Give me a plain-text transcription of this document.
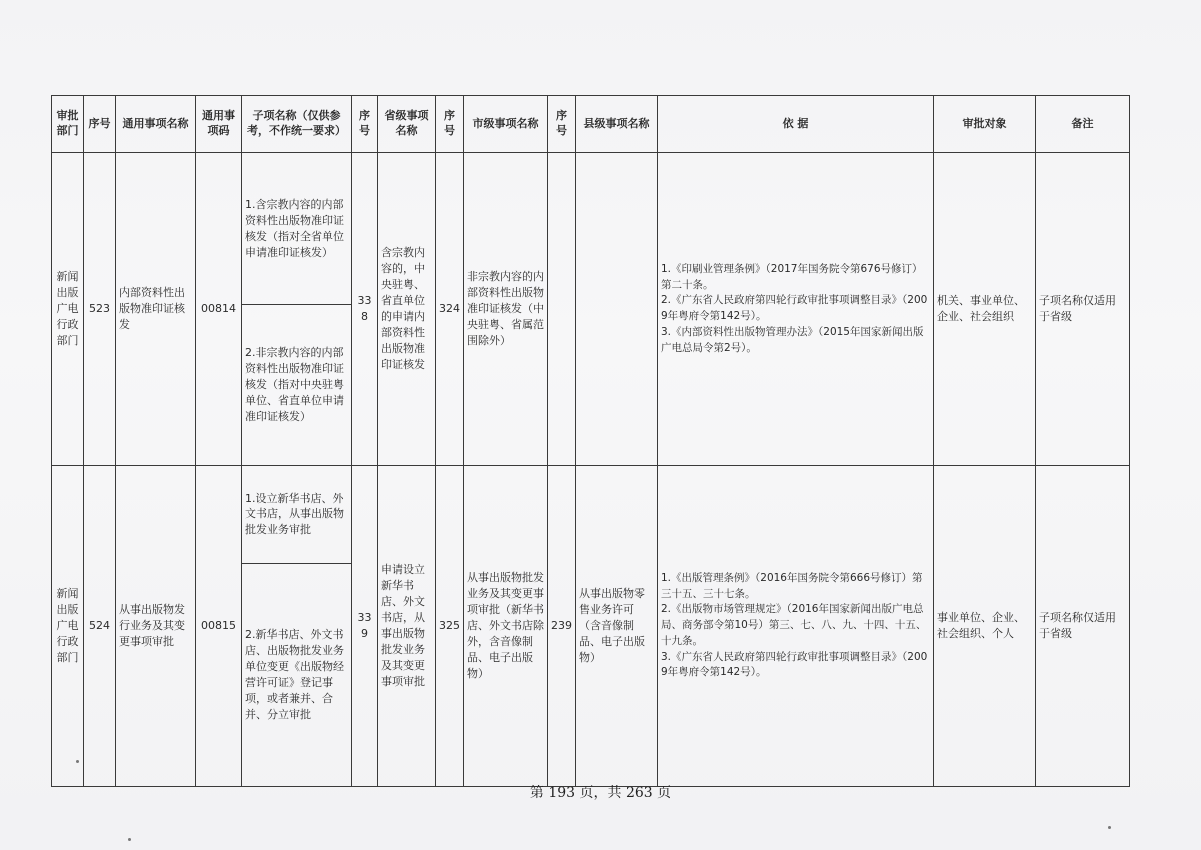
审批部门	序号	通用事项名称	通用事项码	子项名称（仅供参考，不作统一要求）	序号	省级事项名称	序号	市级事项名称	序号	县级事项名称	依 据	审批对象	备注
新闻出版广电行政部门	523	内部资料性出版物准印证核发	00814	1.含宗教内容的内部资料性出版物准印证核发（指对全省单位申请准印证核发）	338	含宗教内容的，中央驻粤、省直单位的申请内部资料性出版物准印证核发	324	非宗教内容的内部资料性出版物准印证核发（中央驻粤、省属范围除外）			1.《印刷业管理条例》（2017年国务院令第676号修订）第二十条。
2.《广东省人民政府第四轮行政审批事项调整目录》（2009年粤府令第142号）。
3.《内部资料性出版物管理办法》（2015年国家新闻出版广电总局令第2号）。	机关、事业单位、企业、社会组织	子项名称仅适用于省级
				2.非宗教内容的内部资料性出版物准印证核发（指对中央驻粤单位、省直单位申请准印证核发）									
新闻出版广电行政部门	524	从事出版物发行业务及其变更事项审批	00815	1.设立新华书店、外文书店，从事出版物批发业务审批	339	申请设立新华书店、外文书店，从事出版物批发业务及其变更事项审批	325	从事出版物批发业务及其变更事项审批（新华书店、外文书店除外，含音像制品、电子出版物）	239	从事出版物零售业务许可（含音像制品、电子出版物）	1.《出版管理条例》（2016年国务院令第666号修订）第三十五、三十七条。
2.《出版物市场管理规定》（2016年国家新闻出版广电总局、商务部令第10号）第三、七、八、九、十四、十五、十九条。
3.《广东省人民政府第四轮行政审批事项调整目录》（2009年粤府令第142号）。	事业单位、企业、社会组织、个人	子项名称仅适用于省级
				2.新华书店、外文书店、出版物批发业务单位变更《出版物经营许可证》登记事项，或者兼并、合并、分立审批									
第 193 页，共 263 页
